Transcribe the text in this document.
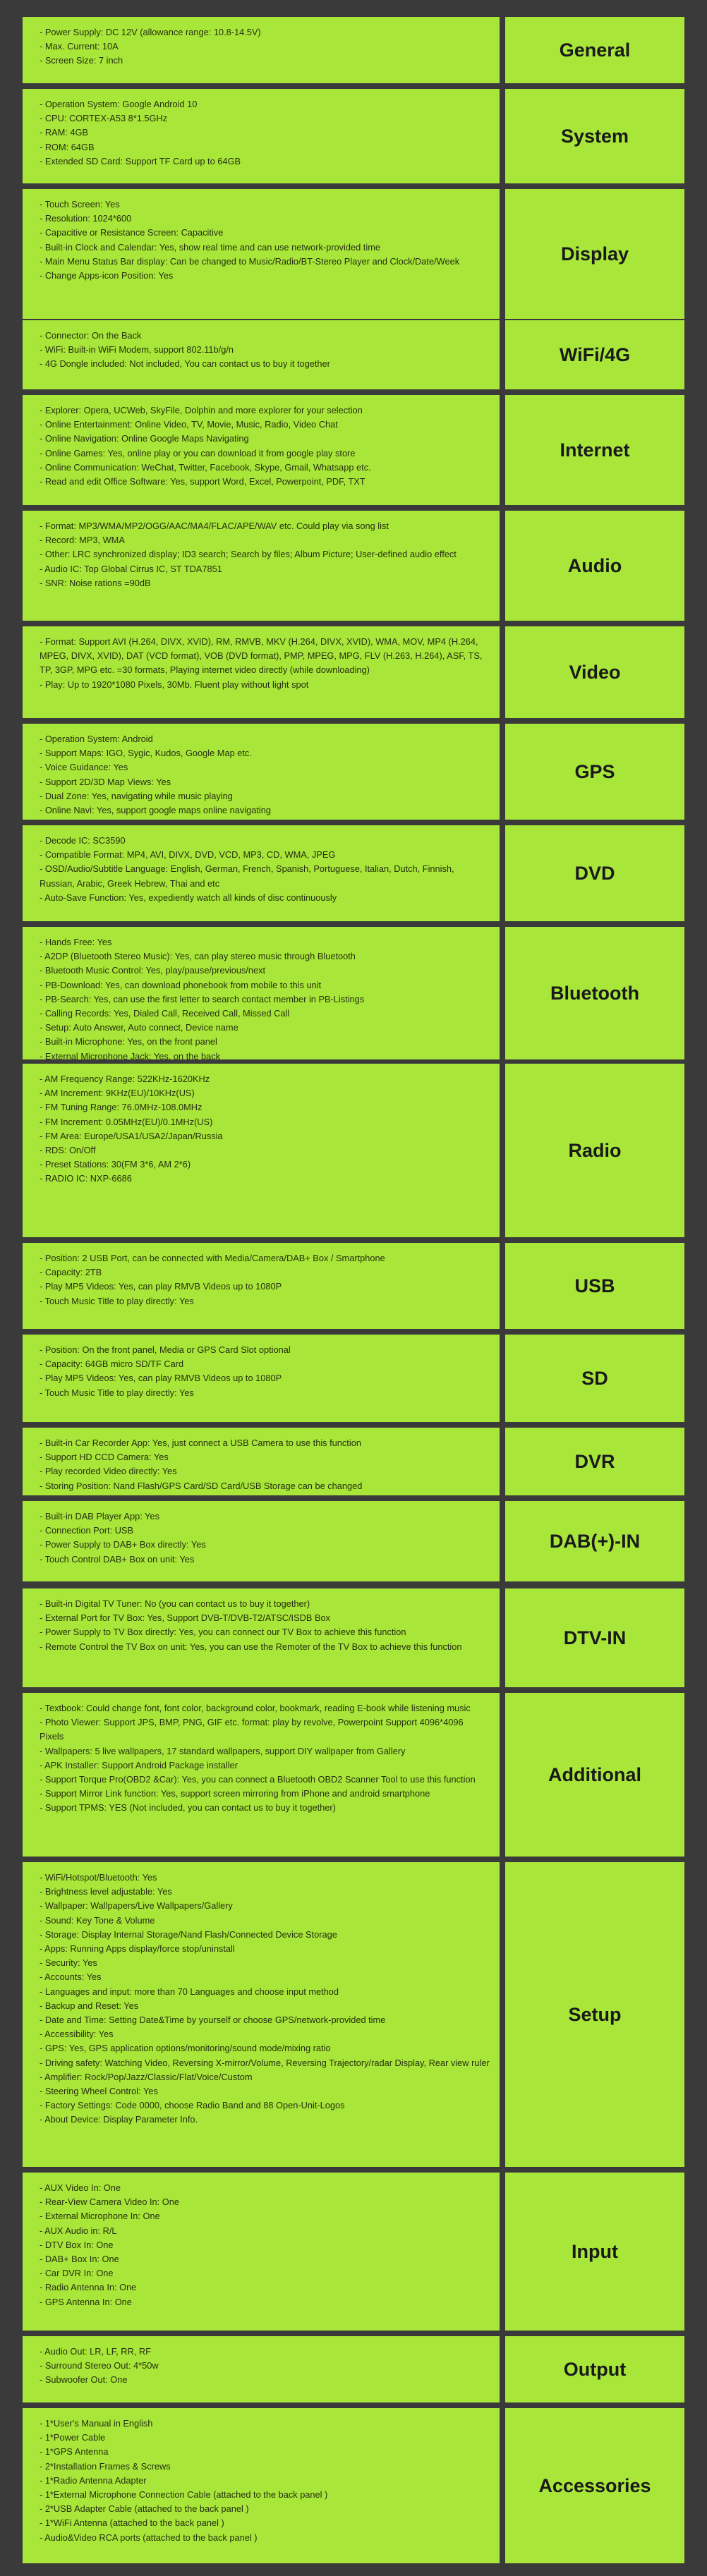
- Power Supply: DC 12V (allowance range: 10.8-14.5V)
- Max. Current: 10A
- Screen Size: 7 inch
General
- Operation System: Google Android 10
- CPU: CORTEX-A53 8*1.5GHz
- RAM: 4GB
- ROM: 64GB
- Extended SD Card: Support TF Card up to 64GB
System
- Touch Screen: Yes
- Resolution: 1024*600
- Capacitive or Resistance Screen: Capacitive
- Built-in Clock and Calendar: Yes, show real time and can use network-provided time
- Main Menu Status Bar display: Can be changed to Music/Radio/BT-Stereo Player and Clock/Date/Week
- Change Apps-icon Position: Yes
Display
- Connector: On the Back
- WiFi: Built-in WiFi Modem, support 802.11b/g/n
- 4G Dongle included: Not included, You can contact us to buy it together	WiFi/4G
- Explorer: Opera, UCWeb, SkyFile, Dolphin and more explorer for your selection
- Online Entertainment: Online Video, TV, Movie, Music, Radio, Video Chat
- Online Navigation: Online Google Maps Navigating
- Online Games: Yes, online play or you can download it from google play store
- Online Communication: WeChat, Twitter, Facebook, Skype, Gmail, Whatsapp etc.
- Read and edit Office Software: Yes, support Word, Excel, Powerpoint, PDF, TXT
Internet
- Format: MP3/WMA/MP2/OGG/AAC/MA4/FLAC/APE/WAV etc. Could play via song list
- Record: MP3, WMA
- Other: LRC synchronized display; ID3 search; Search by files; Album Picture; User-defined audio effect
- Audio IC: Top Global Cirrus IC, ST TDA7851
- SNR: Noise rations =90dB
Audio
- Format: Support AVI (H.264, DIVX, XVID), RM, RMVB, MKV (H.264, DIVX, XVID), WMA, MOV, MP4 (H.264, MPEG, DIVX, XVID), DAT (VCD format), VOB (DVD format), PMP, MPEG, MPG, FLV (H.263, H.264), ASF, TS, TP, 3GP, MPG etc. =30 formats, Playing internet video directly (while downloading)
- Play: Up to 1920*1080 Pixels, 30Mb. Fluent play without light spot
Video
- Operation System: Android
- Support Maps: IGO, Sygic, Kudos, Google Map etc.
- Voice Guidance: Yes
- Support 2D/3D Map Views: Yes
- Dual Zone: Yes, navigating while music playing
- Online Navi: Yes, support google maps online navigating
GPS
- Decode IC: SC3590
- Compatible Format: MP4, AVI, DIVX, DVD, VCD, MP3, CD, WMA, JPEG
- OSD/Audio/Subtitle Language: English, German, French, Spanish, Portuguese, Italian, Dutch, Finnish, Russian, Arabic, Greek Hebrew, Thai and etc
- Auto-Save Function: Yes, expediently watch all kinds of disc continuously
DVD
- Hands Free: Yes
- A2DP (Bluetooth Stereo Music): Yes, can play stereo music through Bluetooth
- Bluetooth Music Control: Yes, play/pause/previous/next
- PB-Download: Yes, can download phonebook from mobile to this unit
- PB-Search: Yes, can use the first letter to search contact member in PB-Listings
- Calling Records: Yes, Dialed Call, Received Call, Missed Call
- Setup: Auto Answer, Auto connect, Device name
- Built-in Microphone: Yes, on the front panel
- External Microphone Jack: Yes, on the back
Bluetooth
- AM Frequency Range: 522KHz-1620KHz
- AM Increment: 9KHz(EU)/10KHz(US)
- FM Tuning Range: 76.0MHz-108.0MHz
- FM Increment: 0.05MHz(EU)/0.1MHz(US)
- FM Area: Europe/USA1/USA2/Japan/Russia
- RDS: On/Off
- Preset Stations: 30(FM 3*6, AM 2*6)
- RADIO IC: NXP-6686
Radio
- Position: 2 USB Port, can be connected with Media/Camera/DAB+ Box / Smartphone
- Capacity: 2TB
- Play MP5 Videos: Yes, can play RMVB Videos up to 1080P
- Touch Music Title to play directly: Yes
USB
- Position: On the front panel, Media or GPS Card Slot optional
- Capacity: 64GB micro SD/TF Card
- Play MP5 Videos: Yes, can play RMVB Videos up to 1080P
- Touch Music Title to play directly: Yes
SD
- Built-in Car Recorder App: Yes, just connect a USB Camera to use this function
- Support HD CCD Camera: Yes
- Play recorded Video directly: Yes
- Storing Position: Nand Flash/GPS Card/SD Card/USB Storage can be changed
DVR
- Built-in DAB Player App: Yes
- Connection Port: USB
- Power Supply to DAB+ Box directly: Yes
- Touch Control DAB+ Box on unit: Yes
DAB(+)-IN
- Built-in Digital TV Tuner: No (you can contact us to buy it together)
- External Port for TV Box: Yes, Support DVB-T/DVB-T2/ATSC/ISDB Box
- Power Supply to TV Box directly: Yes, you can connect our TV Box to achieve this function
- Remote Control the TV Box on unit: Yes, you can use the Remoter of the TV Box to achieve this function	DTV-IN
- Textbook: Could change font, font color, background color, bookmark, reading E-book while listening music
- Photo Viewer: Support JPS, BMP, PNG, GIF etc. format: play by revolve, Powerpoint Support 4096*4096 Pixels
- Wallpapers: 5 live wallpapers, 17 standard wallpapers, support DIY wallpaper from Gallery
- APK Installer: Support Android Package installer
- Support Torque Pro(OBD2 &Car): Yes, you can connect a Bluetooth OBD2 Scanner Tool to use this function
- Support Mirror Link function: Yes, support screen mirroring from iPhone and android smartphone
- Support TPMS: YES (Not included, you can contact us to buy it together)
Additional
- WiFi/Hotspot/Bluetooth: Yes
- Brightness level adjustable: Yes
- Wallpaper: Wallpapers/Live Wallpapers/Gallery
- Sound: Key Tone & Volume
- Storage: Display Internal Storage/Nand Flash/Connected Device Storage
- Apps: Running Apps display/force stop/uninstall
- Security: Yes
- Accounts: Yes
- Languages and input: more than 70 Languages and choose input method
- Backup and Reset: Yes
- Date and Time: Setting Date&Time by yourself or choose GPS/network-provided time
- Accessibility: Yes
- GPS: Yes, GPS application options/monitoring/sound mode/mixing ratio
- Driving safety: Watching Video, Reversing X-mirror/Volume, Reversing Trajectory/radar Display, Rear view ruler
- Amplifier: Rock/Pop/Jazz/Classic/Flat/Voice/Custom
- Steering Wheel Control: Yes
- Factory Settings: Code 0000, choose Radio Band and 88 Open-Unit-Logos
- About Device: Display Parameter Info.
Setup
- AUX Video In: One
- Rear-View Camera Video In: One
- External Microphone In: One
- AUX Audio in: R/L
- DTV Box In: One
- DAB+ Box In: One
- Car DVR In: One
- Radio Antenna In: One
- GPS Antenna In: One
Input
- Audio Out: LR, LF, RR, RF
- Surround Stereo Out: 4*50w
- Subwoofer Out: One
Output
- 1*User's Manual in English
- 1*Power Cable
- 1*GPS Antenna
- 2*Installation Frames & Screws
- 1*Radio Antenna Adapter
- 1*External Microphone Connection Cable (attached to the back panel )
- 2*USB Adapter Cable (attached to the back panel )
- 1*WiFi Antenna (attached to the back panel )
- Audio&Video RCA ports (attached to the back panel )
Accessories
